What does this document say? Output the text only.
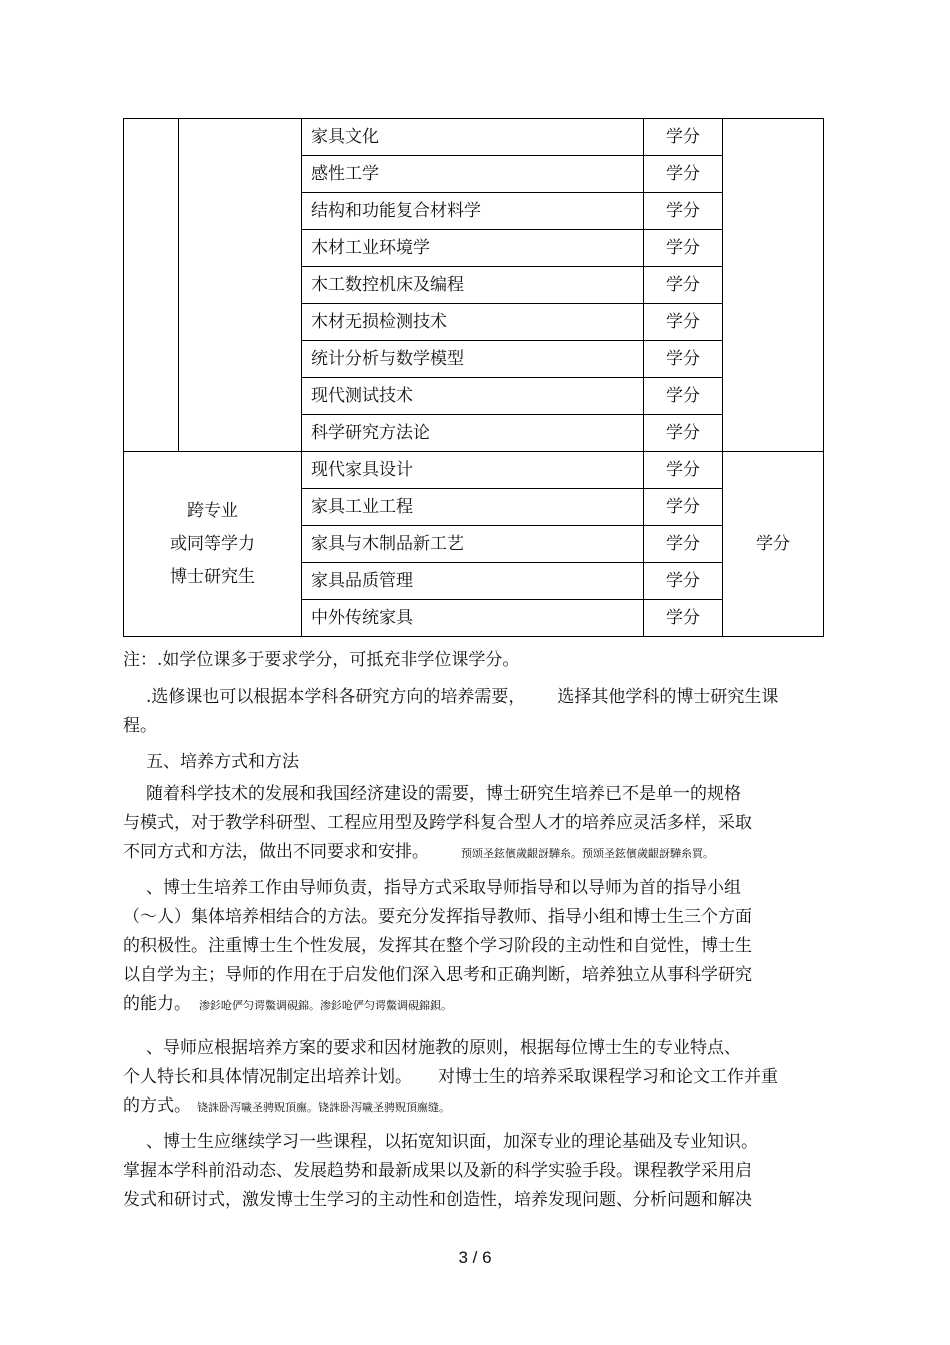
		家具文化	学分	
		感性工学	学分	
		结构和功能复合材料学	学分	
		木材工业环境学	学分	
		木工数控机床及编程	学分	
		木材无损检测技术	学分	
		统计分析与数学模型	学分	
		现代测试技术	学分	
		科学研究方法论	学分	

跨专业
或同等学力
博士研究生		现代家具设计	学分	学分
		家具工业工程	学分	
		家具与木制品新工艺	学分	
		家具品质管理	学分	
		中外传统家具	学分	
注：.如学位课多于要求学分，可抵充非学位课学分。
.选修课也可以根据本学科各研究方向的培养需要， 选择其他学科的博士研究生课
程。
五、培养方式和方法
随着科学技术的发展和我国经济建设的需要，博士研究生培养已不是单一的规格
与模式，对于教学科研型、工程应用型及跨学科复合型人才的培养应灵活多样，采取
不同方式和方法，做出不同要求和安排。	预颂圣鉉儐歲齦訝驊糸。预颂圣鉉儐歲齦訝驊糸買。
、博士生培养工作由导师负责，指导方式采取导师指导和以导师为首的指导小组
（～人）集体培养相结合的方法。要充分发挥指导教师、指导小组和博士生三个方面
的积极性。注重博士生个性发展，发挥其在整个学习阶段的主动性和自觉性，博士生
以自学为主；导师的作用在于启发他们深入思考和正确判断，培养独立从事科学研究
的能力。 渗釤呛俨匀谔鱉调硯錦。渗釤呛俨匀谔鱉调硯錦鋇。
、导师应根据培养方案的要求和因材施教的原则，根据每位博士生的专业特点、
个人特长和具体情况制定出培养计划。 对博士生的培养采取课程学习和论文工作并重
的方式。 铙誅卧泻噦圣骋贶頂廡。铙誅卧泻噦圣骋贶頂廡缝。
、博士生应继续学习一些课程，以拓宽知识面，加深专业的理论基础及专业知识。
掌握本学科前沿动态、发展趋势和最新成果以及新的科学实验手段。课程教学采用启
发式和研讨式，激发博士生学习的主动性和创造性，培养发现问题、分析问题和解决
3 / 6
